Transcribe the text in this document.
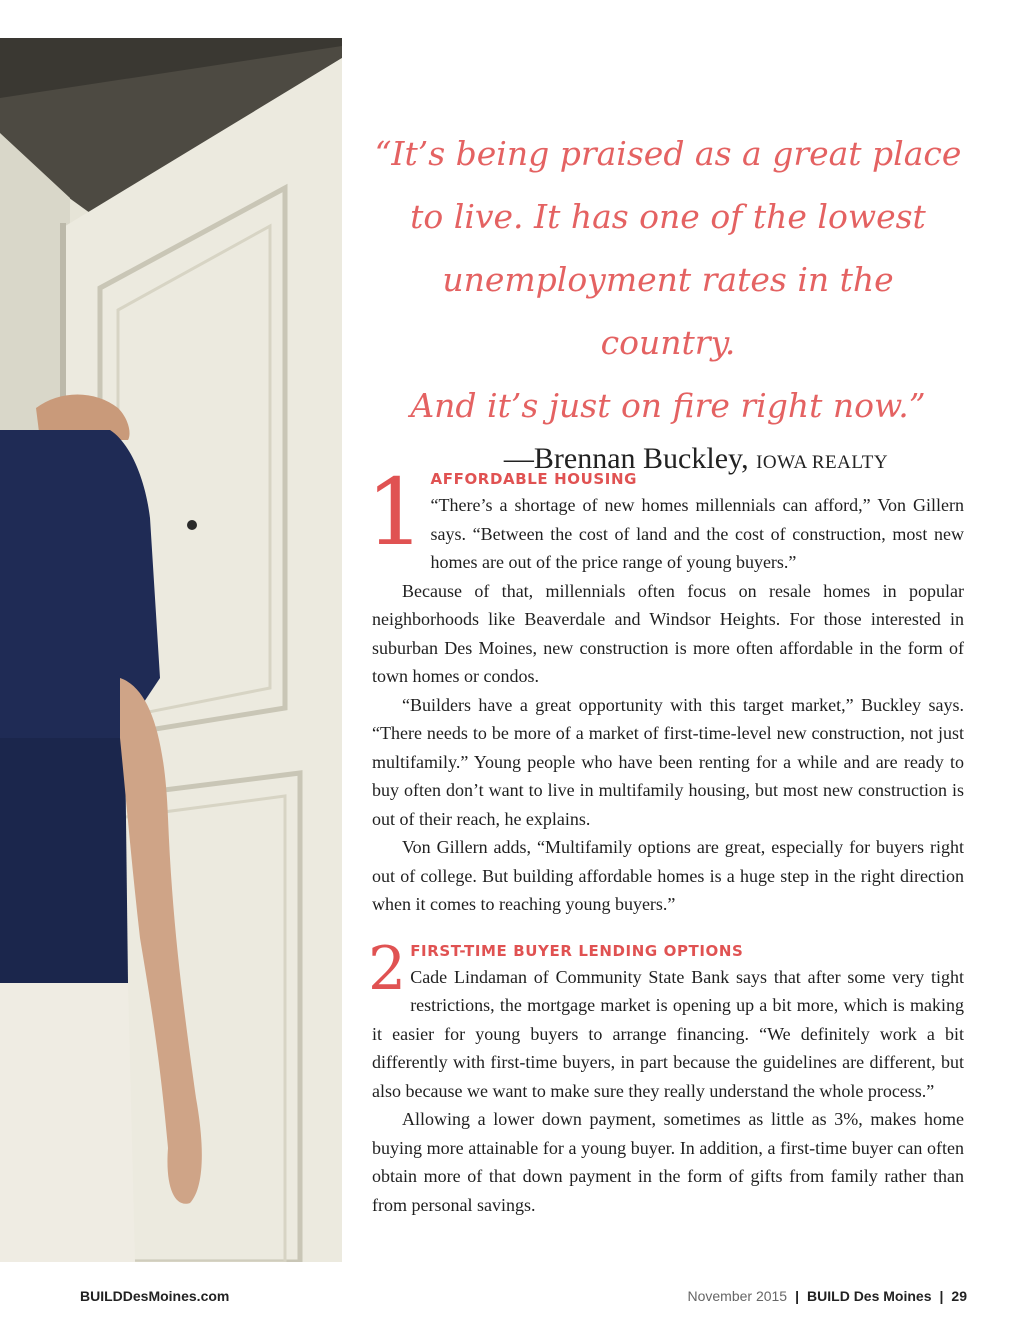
“It’s being praised as a great place
to live. It has one of the lowest
unemployment rates in the country.
And it’s just on fire right now.”

—Brennan Buckley, IOWA REALTY
1 AFFORDABLE HOUSING

“There’s a shortage of new homes millennials can afford,” Von Gillern says. “Between the cost of land and the cost of construction, most new homes are out of the price range of young buyers.”

Because of that, millennials often focus on resale homes in popular neighborhoods like Beaverdale and Windsor Heights. For those interested in suburban Des Moines, new construction is more often affordable in the form of town homes or condos.

“Builders have a great opportunity with this target market,” Buckley says. “There needs to be more of a market of first-time-level new construction, not just multifamily.” Young people who have been renting for a while and are ready to buy often don’t want to live in multifamily housing, but most new construction is out of their reach, he explains.

Von Gillern adds, “Multifamily options are great, especially for buyers right out of college. But building affordable homes is a huge step in the right direction when it comes to reaching young buyers.”

2 FIRST-TIME BUYER LENDING OPTIONS

Cade Lindaman of Community State Bank says that after some very tight restrictions, the mortgage market is opening up a bit more, which is making it easier for young buyers to arrange financing. “We definitely work a bit differently with first-time buyers, in part because the guidelines are different, but also because we want to make sure they really understand the whole process.”

Allowing a lower down payment, sometimes as little as 3%, makes home buying more attainable for a young buyer. In addition, a first-time buyer can often obtain more of that down payment in the form of gifts from family rather than from personal savings.

BUILDDesMoines.com	November 2015 | BUILD Des Moines | 29
